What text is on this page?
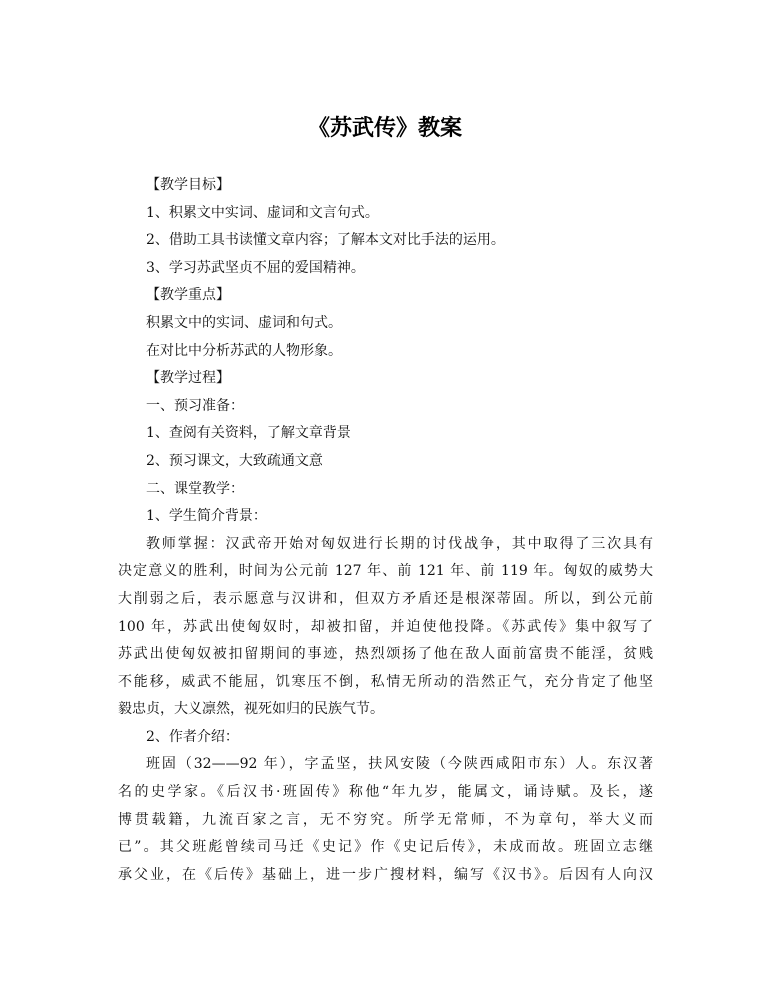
《苏武传》教案

【教学目标】

1、积累文中实词、虚词和文言句式。

2、借助工具书读懂文章内容；了解本文对比手法的运用。

3、学习苏武坚贞不屈的爱国精神。

【教学重点】

积累文中的实词、虚词和句式。

在对比中分析苏武的人物形象。

【教学过程】

一、预习准备：

1、查阅有关资料，了解文章背景

2、预习课文，大致疏通文意

二、课堂教学：

1、学生简介背景：

教师掌握：汉武帝开始对匈奴进行长期的讨伐战争，其中取得了三次具有

决定意义的胜利，时间为公元前 127 年、前 121 年、前 119 年。匈奴的威势大

大削弱之后，表示愿意与汉讲和，但双方矛盾还是根深蒂固。所以，到公元前

100 年，苏武出使匈奴时，却被扣留，并迫使他投降。《苏武传》集中叙写了

苏武出使匈奴被扣留期间的事迹，热烈颂扬了他在敌人面前富贵不能淫，贫贱

不能移，威武不能屈，饥寒压不倒，私情无所动的浩然正气，充分肯定了他坚

毅忠贞，大义凛然，视死如归的民族气节。

2、作者介绍：

班固（32——92 年），字孟坚，扶风安陵（今陕西咸阳市东）人。东汉著

名的史学家。《后汉书·班固传》称他“年九岁，能属文，诵诗赋。及长，遂

博贯载籍，九流百家之言，无不穷究。所学无常师，不为章句，举大义而

已”。其父班彪曾续司马迁《史记》作《史记后传》，未成而故。班固立志继

承父业，在《后传》基础上，进一步广搜材料，编写《汉书》。后因有人向汉
